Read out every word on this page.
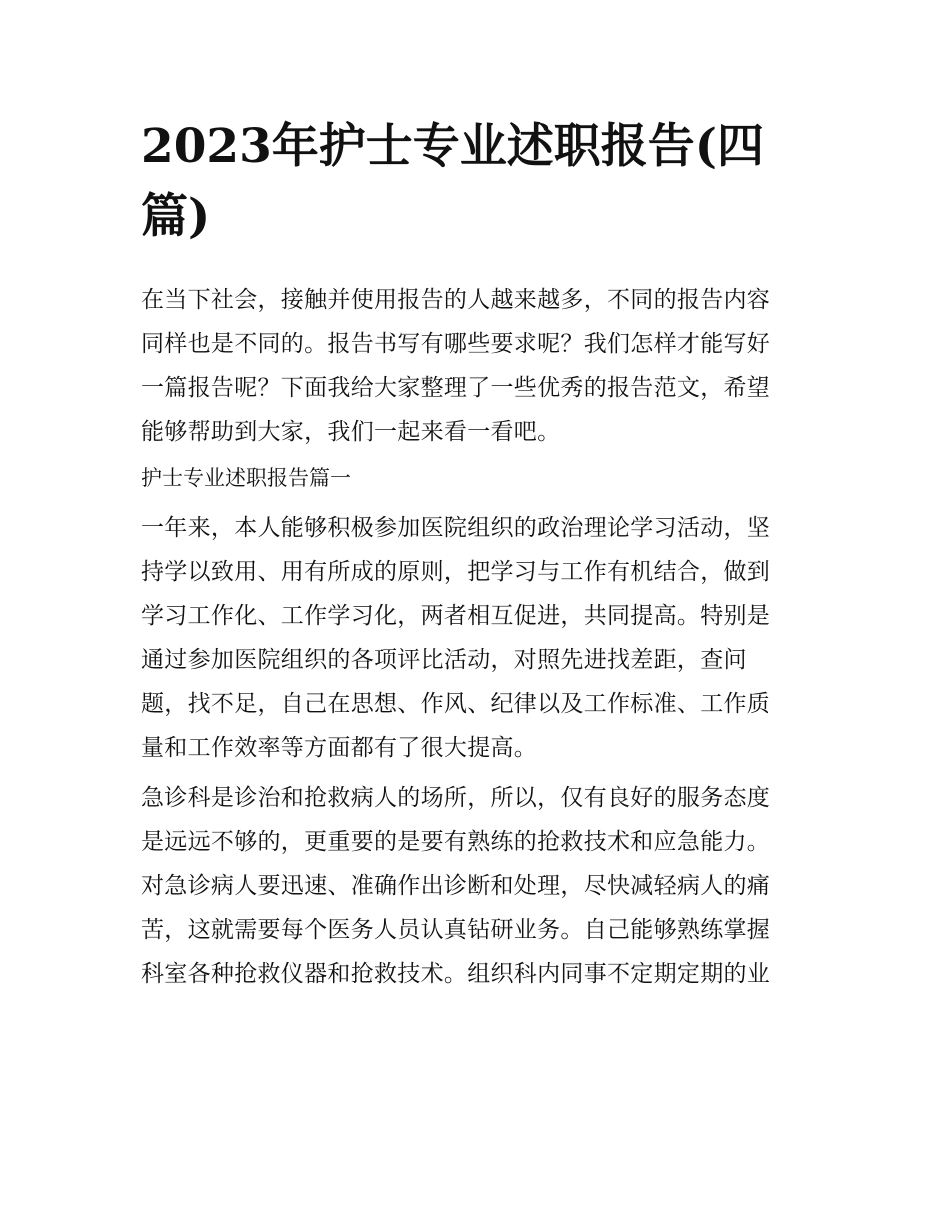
2023年护士专业述职报告(四
篇)

在当下社会，接触并使用报告的人越来越多，不同的报告内容
同样也是不同的。报告书写有哪些要求呢？我们怎样才能写好
一篇报告呢？下面我给大家整理了一些优秀的报告范文，希望
能够帮助到大家，我们一起来看一看吧。

护士专业述职报告篇一

一年来，本人能够积极参加医院组织的政治理论学习活动，坚
持学以致用、用有所成的原则，把学习与工作有机结合，做到
学习工作化、工作学习化，两者相互促进，共同提高。特别是
通过参加医院组织的各项评比活动，对照先进找差距，查问
题，找不足，自己在思想、作风、纪律以及工作标准、工作质
量和工作效率等方面都有了很大提高。

急诊科是诊治和抢救病人的场所，所以，仅有良好的服务态度
是远远不够的，更重要的是要有熟练的抢救技术和应急能力。
对急诊病人要迅速、准确作出诊断和处理，尽快减轻病人的痛
苦，这就需要每个医务人员认真钻研业务。自己能够熟练掌握
科室各种抢救仪器和抢救技术。组织科内同事不定期定期的业
